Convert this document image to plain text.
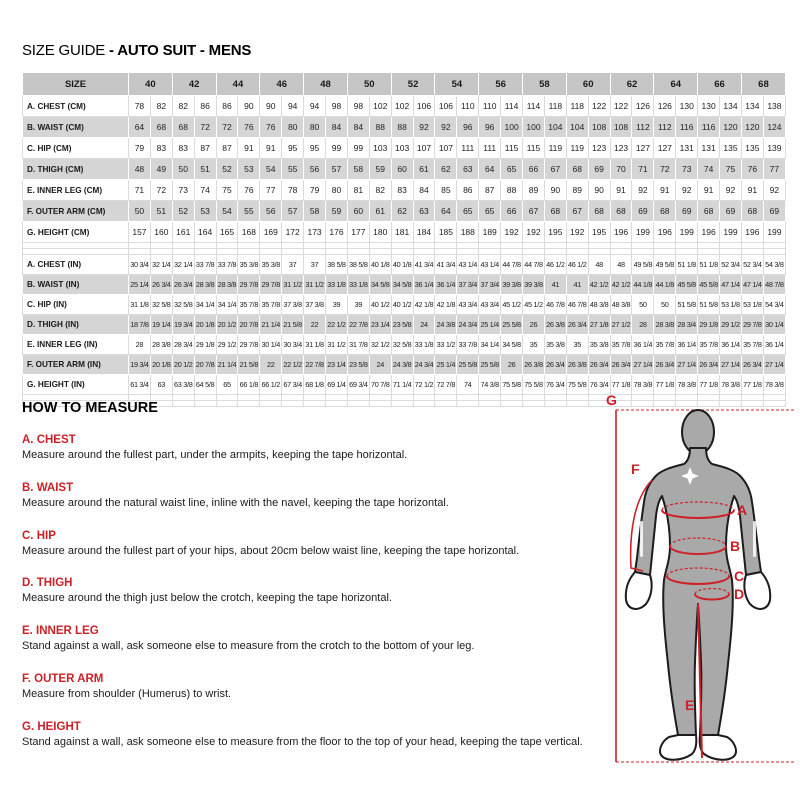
SIZE GUIDE - AUTO SUIT - MENS
SIZE	40		42		44		46		48		50		52		54		56		58		60		62		64		66		68	
A. CHEST (CM)	78	82	82	86	86	90	90	94	94	98	98	102	102	106	106	110	110	114	114	118	118	122	122	126	126	130	130	134	134	138
B. WAIST (CM)	64	68	68	72	72	76	76	80	80	84	84	88	88	92	92	96	96	100	100	104	104	108	108	112	112	116	116	120	120	124
C. HIP (CM)	79	83	83	87	87	91	91	95	95	99	99	103	103	107	107	111	111	115	115	119	119	123	123	127	127	131	131	135	135	139
D. THIGH (CM)	48	49	50	51	52	53	54	55	56	57	58	59	60	61	62	63	64	65	66	67	68	69	70	71	72	73	74	75	76	77
E. INNER LEG (CM)	71	72	73	74	75	76	77	78	79	80	81	82	83	84	85	86	87	88	89	90	89	90	91	92	91	92	91	92	91	92
F. OUTER ARM (CM)	50	51	52	53	54	55	56	57	58	59	60	61	62	63	64	65	65	66	67	68	67	68	68	69	68	69	68	69	68	69
G. HEIGHT (CM)	157	160	161	164	165	168	169	172	173	176	177	180	181	184	185	188	189	192	192	195	192	195	196	199	196	199	196	199	196	199

A. CHEST (IN)	30 3/4	32 1/4	32 1/4	33 7/8	33 7/8	35 3/8	35 3/8	37	37	38 5/8	38 5/8	40 1/8	40 1/8	41 3/4	41 3/4	43 1/4	43 1/4	44 7/8	44 7/8	46 1/2	46 1/2	48	48	49 5/8	49 5/8	51 1/8	51 1/8	52 3/4	52 3/4	54 3/8
B. WAIST (IN)	25 1/4	26 3/4	26 3/4	28 3/8	28 3/8	29 7/8	29 7/8	31 1/2	31 1/2	33 1/8	33 1/8	34 5/8	34 5/8	36 1/4	36 1/4	37 3/4	37 3/4	39 3/8	39 3/8	41	41	42 1/2	42 1/2	44 1/8	44 1/8	45 5/8	45 5/8	47 1/4	47 1/4	48 7/8
C. HIP (IN)	31 1/8	32 5/8	32 5/8	34 1/4	34 1/4	35 7/8	35 7/8	37 3/8	37 3/8	39	39	40 1/2	40 1/2	42 1/8	42 1/8	43 3/4	43 3/4	45 1/2	45 1/2	46 7/8	46 7/8	48 3/8	48 3/8	50	50	51 5/8	51 5/8	53 1/8	53 1/8	54 3/4
D. THIGH (IN)	18 7/8	19 1/4	19 3/4	20 1/8	20 1/2	20 7/8	21 1/4	21 5/8	22	22 1/2	22 7/8	23 1/4	23 5/8	24	24 3/8	24 3/4	25 1/4	25 5/8	26	26 3/8	26 3/4	27 1/8	27 1/2	28	28 3/8	28 3/4	29 1/8	29 1/2	29 7/8	30 1/4
E. INNER LEG (IN)	28	28 3/8	28 3/4	29 1/8	29 1/2	29 7/8	30 1/4	30 3/4	31 1/8	31 1/2	31 7/8	32 1/2	32 5/8	33 1/8	33 1/2	33 7/8	34 1/4	34 5/8	35	35 3/8	35	35 3/8	35 7/8	36 1/4	35 7/8	36 1/4	35 7/8	36 1/4	35 7/8	36 1/4
F. OUTER ARM (IN)	19 3/4	20 1/8	20 1/2	20 7/8	21 1/4	21 5/8	22	22 1/2	22 7/8	23 1/4	23 5/8	24	24 3/8	24 3/4	25 1/4	25 5/8	25 5/8	26	26 3/8	26 3/4	26 3/8	26 3/4	26 3/4	27 1/4	26 3/4	27 1/4	26 3/4	27 1/4	26 3/4	27 1/4
G. HEIGHT (IN)	61 3/4	63	63 3/8	64 5/8	65	66 1/8	66 1/2	67 3/4	68 1/8	69 1/4	69 3/4	70 7/8	71 1/4	72 1/2	72 7/8	74	74 3/8	75 5/8	75 5/8	76 3/4	75 5/8	76 3/4	77 1/8	78 3/8	77 1/8	78 3/8	77 1/8	78 3/8	77 1/8	78 3/8

HOW TO MEASURE
A. CHEST

Measure around the fullest part, under the armpits, keeping the tape horizontal.

B. WAIST

Measure around the natural waist line, inline with the navel, keeping the tape horizontal.

C. HIP

Measure around the fullest part of your hips, about 20cm below waist line, keeping the tape horizontal.

D. THIGH

Measure around the thigh just below the crotch, keeping the tape horizontal.

E. INNER LEG

Stand against a wall, ask someone else to measure from the crotch to the bottom of your leg.

F. OUTER ARM

Measure from shoulder (Humerus) to wrist.

G. HEIGHT

Stand against a wall, ask someone else to measure from the floor to the top of your head, keeping the tape vertical.

G
F
A
B
C
D
E
